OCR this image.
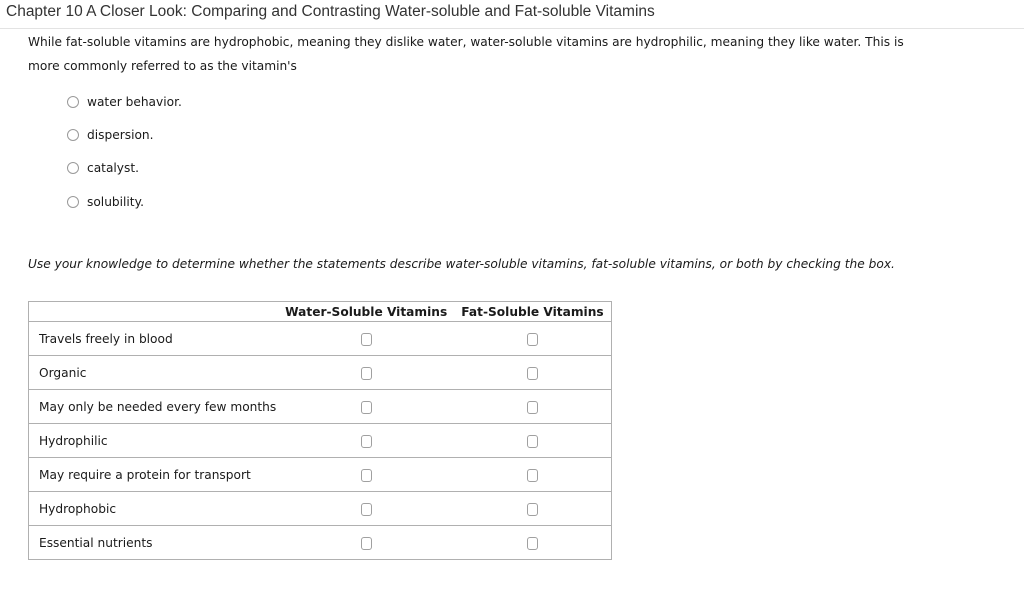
Chapter 10 A Closer Look: Comparing and Contrasting Water-soluble and Fat-soluble Vitamins
While fat-soluble vitamins are hydrophobic, meaning they dislike water, water-soluble vitamins are hydrophilic, meaning they like water. This is more commonly referred to as the vitamin's
water behavior.
dispersion.
catalyst.
solubility.
Use your knowledge to determine whether the statements describe water-soluble vitamins, fat-soluble vitamins, or both by checking the box.
	Water-Soluble Vitamins	Fat-Soluble Vitamins
Travels freely in blood		
Organic		
May only be needed every few months		
Hydrophilic		
May require a protein for transport		
Hydrophobic		
Essential nutrients		
